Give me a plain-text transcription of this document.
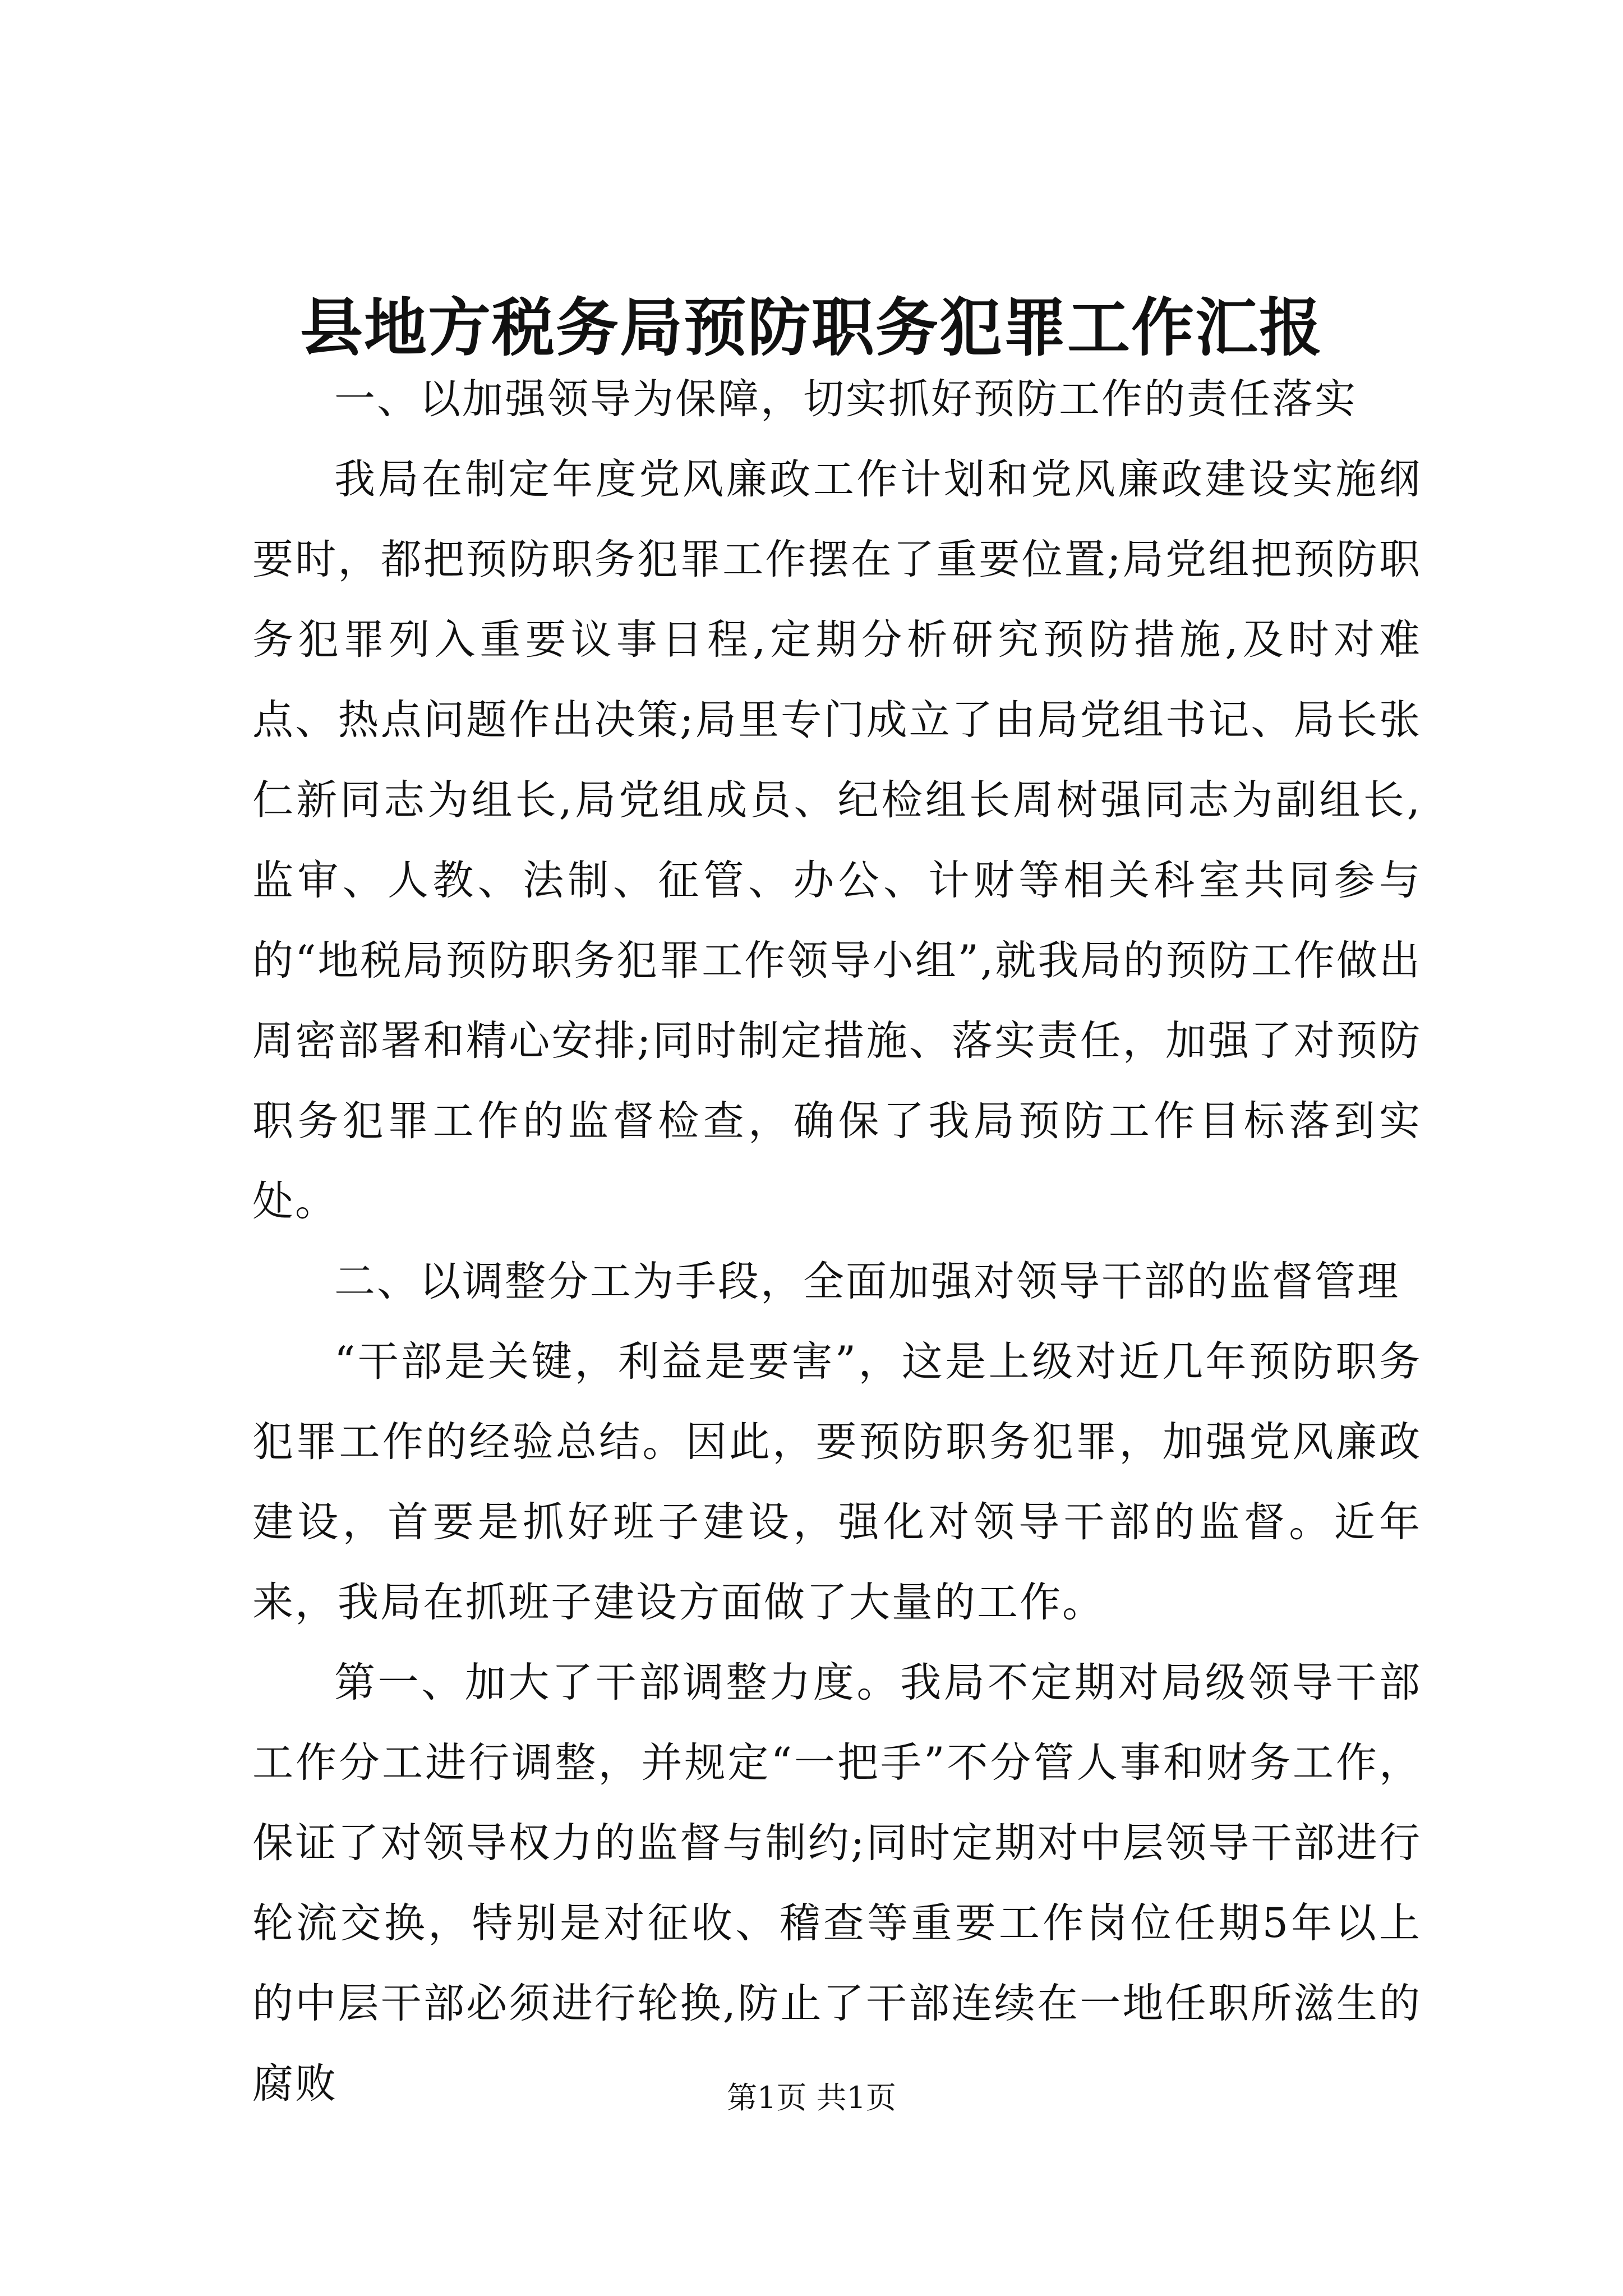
县地方税务局预防职务犯罪工作汇报

一、以加强领导为保障，切实抓好预防工作的责任落实

我局在制定年度党风廉政工作计划和党风廉政建设实施纲要时，都把预防职务犯罪工作摆在了重要位置;局党组把预防职务犯罪列入重要议事日程,定期分析研究预防措施,及时对难点、热点问题作出决策;局里专门成立了由局党组书记、局长张仁新同志为组长,局党组成员、纪检组长周树强同志为副组长,监审、人教、法制、征管、办公、计财等相关科室共同参与的“地税局预防职务犯罪工作领导小组”,就我局的预防工作做出周密部署和精心安排;同时制定措施、落实责任，加强了对预防职务犯罪工作的监督检查，确保了我局预防工作目标落到实处。

二、以调整分工为手段，全面加强对领导干部的监督管理

“干部是关键，利益是要害”，这是上级对近几年预防职务犯罪工作的经验总结。因此，要预防职务犯罪，加强党风廉政建设，首要是抓好班子建设，强化对领导干部的监督。近年来，我局在抓班子建设方面做了大量的工作。

第一、加大了干部调整力度。我局不定期对局级领导干部工作分工进行调整，并规定“一把手”不分管人事和财务工作，保证了对领导权力的监督与制约;同时定期对中层领导干部进行轮流交换，特别是对征收、稽查等重要工作岗位任期5年以上的中层干部必须进行轮换,防止了干部连续在一地任职所滋生的腐败	第1页 共1页
